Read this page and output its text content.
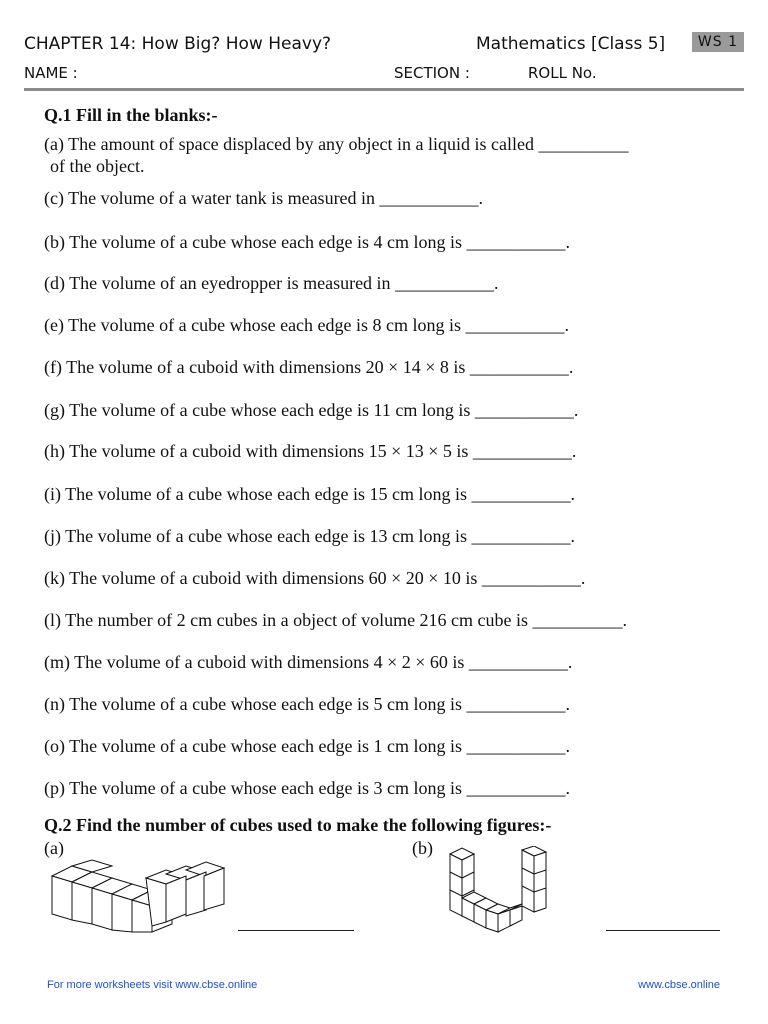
CHAPTER 14: How Big? How Heavy?	Mathematics [Class 5]	WS 1
NAME :	SECTION :	ROLL No.
Q.1 Fill in the blanks:-
(a) The amount of space displaced by any object in a liquid is called __________
of the object.
(c) The volume of a water tank is measured in ___________.
(b) The volume of a cube whose each edge is 4 cm long is ___________.
(d) The volume of an eyedropper is measured in ___________.
(e) The volume of a cube whose each edge is 8 cm long is ___________.
(f) The volume of a cuboid with dimensions 20 × 14 × 8 is ___________.
(g) The volume of a cube whose each edge is 11 cm long is ___________.
(h) The volume of a cuboid with dimensions 15 × 13 × 5 is ___________.
(i) The volume of a cube whose each edge is 15 cm long is ___________.
(j) The volume of a cube whose each edge is 13 cm long is ___________.
(k) The volume of a cuboid with dimensions 60 × 20 × 10 is ___________.
(l) The number of 2 cm cubes in a object of volume 216 cm cube is __________.
(m) The volume of a cuboid with dimensions 4 × 2 × 60 is ___________.
(n) The volume of a cube whose each edge is 5 cm long is ___________.
(o) The volume of a cube whose each edge is 1 cm long is ___________.
(p) The volume of a cube whose each edge is 3 cm long is ___________.
Q.2 Find the number of cubes used to make the following figures:-
(a)	(b)
For more worksheets visit www.cbse.online	www.cbse.online
